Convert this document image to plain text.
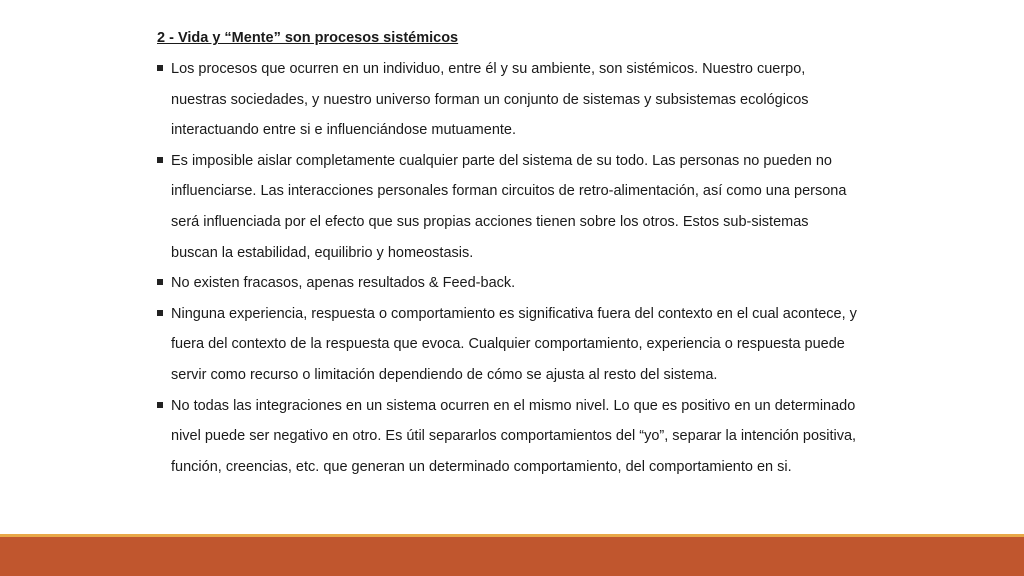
2 - Vida y “Mente” son procesos sistémicos
Los procesos que ocurren en un individuo, entre él y su ambiente, son sistémicos. Nuestro cuerpo, nuestras sociedades, y nuestro universo forman un conjunto de sistemas y subsistemas ecológicos interactuando entre si e influenciándose mutuamente.
Es imposible aislar completamente cualquier parte del sistema de su todo. Las personas no pueden no influenciarse. Las interacciones personales forman circuitos de retro-alimentación, así como una persona será influenciada por el efecto que sus propias acciones tienen sobre los otros. Estos sub-sistemas buscan la estabilidad, equilibrio y homeostasis.
No existen fracasos, apenas resultados & Feed-back.
Ninguna experiencia, respuesta o comportamiento es significativa fuera del contexto en el cual acontece, y fuera del contexto de la respuesta que evoca. Cualquier comportamiento, experiencia o respuesta puede servir como recurso o limitación dependiendo de cómo se ajusta al resto del sistema.
No todas las integraciones en un sistema ocurren en el mismo nivel. Lo que es positivo en un determinado nivel puede ser negativo en otro. Es útil separarlos comportamientos del “yo”, separar la intención positiva, función, creencias, etc. que generan un determinado comportamiento, del comportamiento en si.
